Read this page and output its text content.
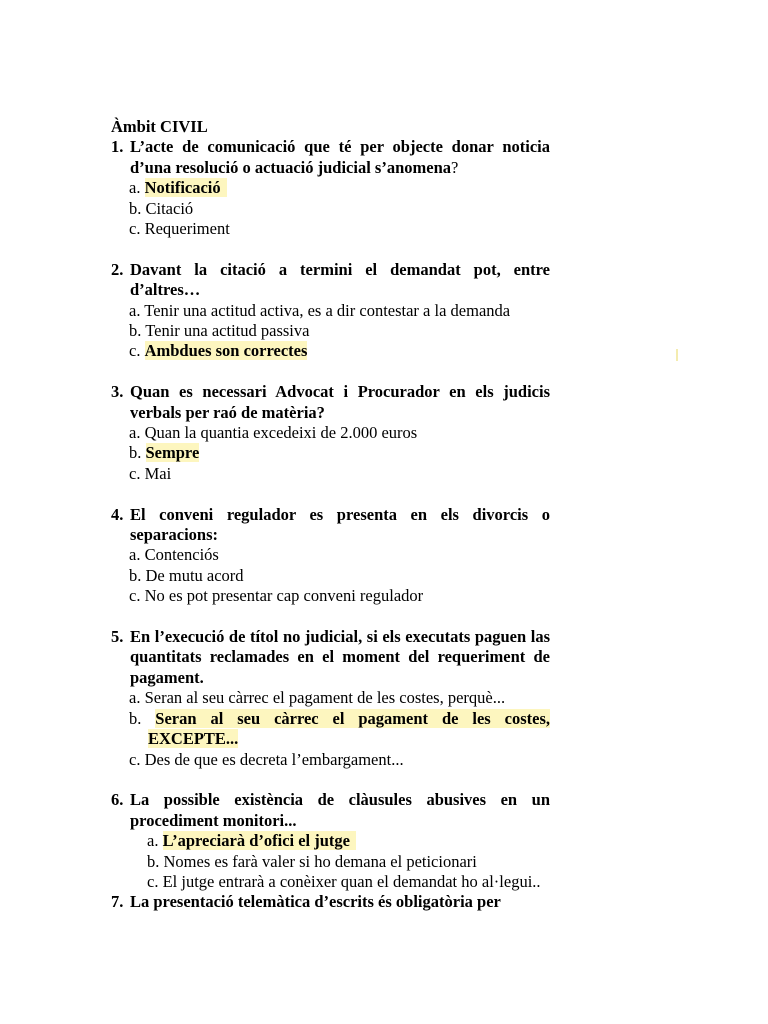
Àmbit CIVIL
1. L’acte de comunicació que té per objecte donar noticia d’una resolució o actuació judicial s’anomena?
a. Notificació
b. Citació
c. Requeriment
2. Davant la citació a termini el demandat pot, entre d’altres…
a. Tenir una actitud activa, es a dir contestar a la demanda
b. Tenir una actitud passiva
c. Ambdues son correctes
3. Quan es necessari Advocat i Procurador en els judicis verbals per raó de matèria?
a. Quan la quantia excedeixi de 2.000 euros
b. Sempre
c. Mai
4. El conveni regulador es presenta en els divorcis o separacions:
a. Contenciós
b. De mutu acord
c. No es pot presentar cap conveni regulador
5. En l’execució de títol no judicial, si els executats paguen las quantitats reclamades en el moment del requeriment de pagament.
a. Seran al seu càrrec el pagament de les costes, perquè...
b. Seran al seu càrrec el pagament de les costes, EXCEPTE...
c. Des de que es decreta l’embargament...
6. La possible existència de clàusules abusives en un procediment monitori...
a. L’apreciarà d’ofici el jutge
b. Nomes es farà valer si ho demana el peticionari
c. El jutge entrarà a conèixer quan el demandat ho al·legui..
7. La presentació telemàtica d’escrits és obligatòria per
